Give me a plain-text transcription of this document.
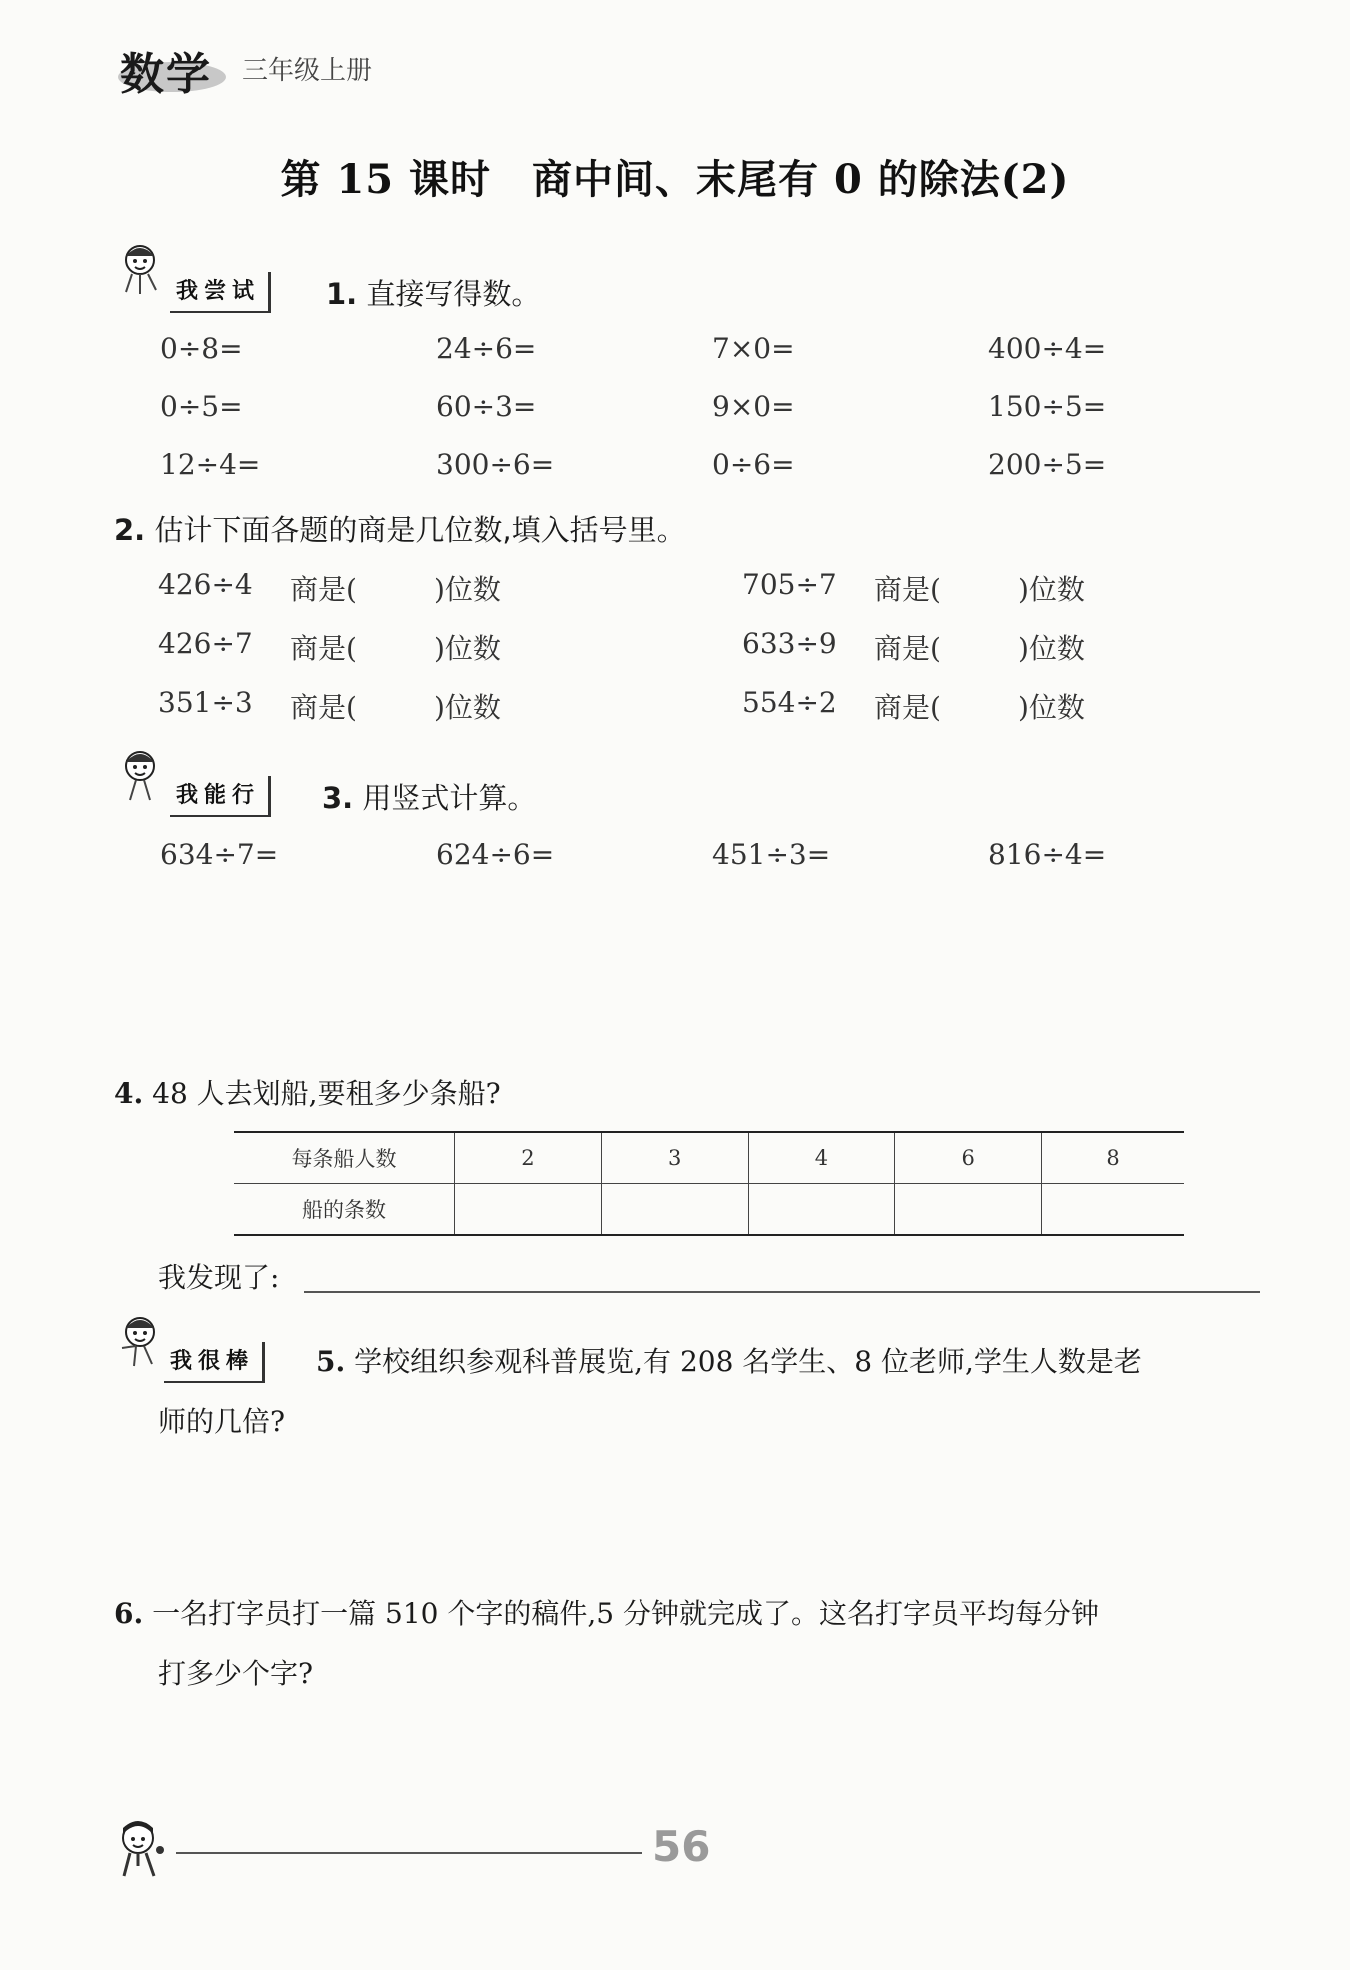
数学 三年级上册
第 15 课时　商中间、末尾有 0 的除法(2)
我尝试	1. 直接写得数。
0÷8=	24÷6=	7×0=	400÷4=
0÷5=	60÷3=	9×0=	150÷5=
12÷4=	300÷6=	0÷6=	200÷5=
2. 估计下面各题的商是几位数,填入括号里。
426÷4 商是(	)位数
426÷7 商是(	)位数
351÷3 商是(	)位数
705÷7 商是(	)位数
633÷9 商是(	)位数
554÷2 商是(	)位数
我能行	3. 用竖式计算。
634÷7=	624÷6=	451÷3=	816÷4=
4. 48 人去划船,要租多少条船?
每条船人数	2	3	4	6	8
船的条数					
我发现了:
我很棒	5. 学校组织参观科普展览,有 208 名学生、8 位老师,学生人数是老
师的几倍?
6. 一名打字员打一篇 510 个字的稿件,5 分钟就完成了。这名打字员平均每分钟
打多少个字?
56
